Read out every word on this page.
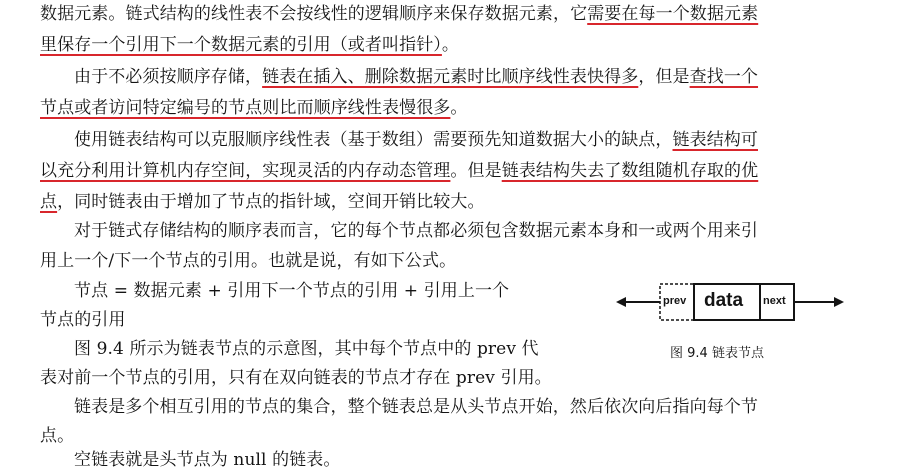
数据元素。链式结构的线性表不会按线性的逻辑顺序来保存数据元素，它需要在每一个数据元素
里保存一个引用下一个数据元素的引用（或者叫指针）。
由于不必须按顺序存储，链表在插入、删除数据元素时比顺序线性表快得多，但是查找一个
节点或者访问特定编号的节点则比而顺序线性表慢很多。
使用链表结构可以克服顺序线性表（基于数组）需要预先知道数据大小的缺点，链表结构可
以充分利用计算机内存空间，实现灵活的内存动态管理。但是链表结构失去了数组随机存取的优
点，同时链表由于增加了节点的指针域，空间开销比较大。
对于链式存储结构的顺序表而言，它的每个节点都必须包含数据元素本身和一或两个用来引
用上一个/下一个节点的引用。也就是说，有如下公式。
节点 = 数据元素 + 引用下一个节点的引用 + 引用上一个
节点的引用
图 9.4 所示为链表节点的示意图，其中每个节点中的 prev 代
表对前一个节点的引用，只有在双向链表的节点才存在 prev 引用。
链表是多个相互引用的节点的集合，整个链表总是从头节点开始，然后依次向后指向每个节
点。
空链表就是头节点为 null 的链表。
prev data next
图 9.4 链表节点
